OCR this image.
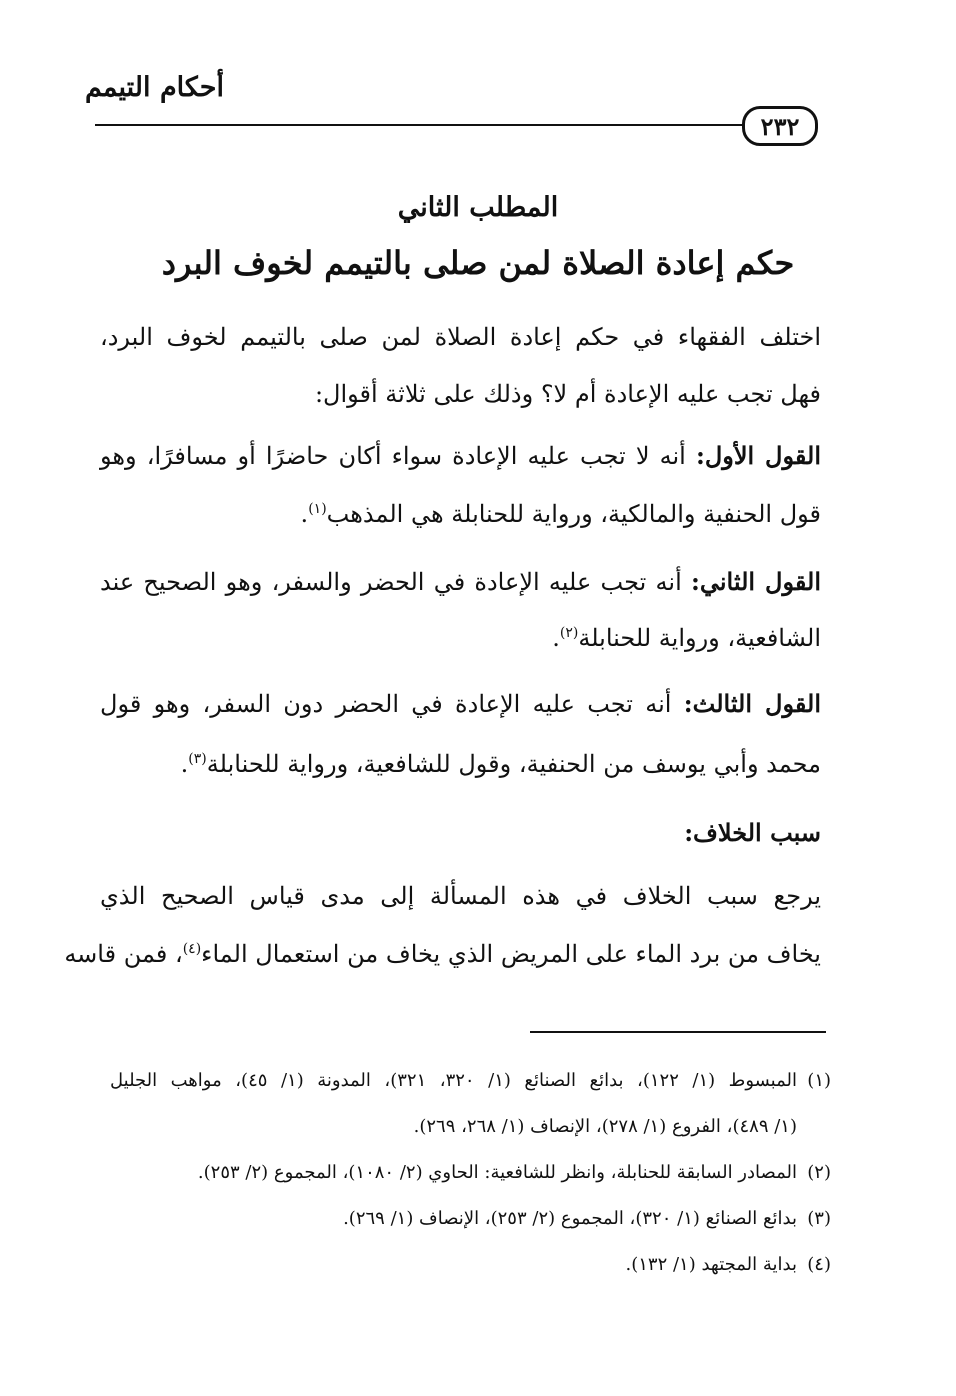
أحكام التيمم
٢٣٢
المطلب الثاني
حكم إعادة الصلاة لمن صلى بالتيمم لخوف البرد
اختلف الفقهاء في حكم إعادة الصلاة لمن صلى بالتيمم لخوف البرد،
فهل تجب عليه الإعادة أم لا؟ وذلك على ثلاثة أقوال:
القول الأول: أنه لا تجب عليه الإعادة سواء أكان حاضرًا أو مسافرًا، وهو
قول الحنفية والمالكية، ورواية للحنابلة هي المذهب$^{(١)}$.
القول الثاني: أنه تجب عليه الإعادة في الحضر والسفر، وهو الصحيح عند
الشافعية، ورواية للحنابلة$^{(٢)}$.
القول الثالث: أنه تجب عليه الإعادة في الحضر دون السفر، وهو قول
محمد وأبي يوسف من الحنفية، وقول للشافعية، ورواية للحنابلة$^{(٣)}$.
سبب الخلاف:
يرجع سبب الخلاف في هذه المسألة إلى مدى قياس الصحيح الذي
يخاف من برد الماء على المريض الذي يخاف من استعمال الماء$^{(٤)}$، فمن قاسه
(١)المبسوط (١/ ١٢٢)، بدائع الصنائع (١/ ٣٢٠، ٣٢١)، المدونة (١/ ٤٥)، مواهب الجليل
(١/ ٤٨٩)، الفروع (١/ ٢٧٨)، الإنصاف (١/ ٢٦٨، ٢٦٩).
(٢)المصادر السابقة للحنابلة، وانظر للشافعية: الحاوي (٢/ ١٠٨٠)، المجموع (٢/ ٢٥٣).
(٣)بدائع الصنائع (١/ ٣٢٠)، المجموع (٢/ ٢٥٣)، الإنصاف (١/ ٢٦٩).
(٤)بداية المجتهد (١/ ١٣٢).
